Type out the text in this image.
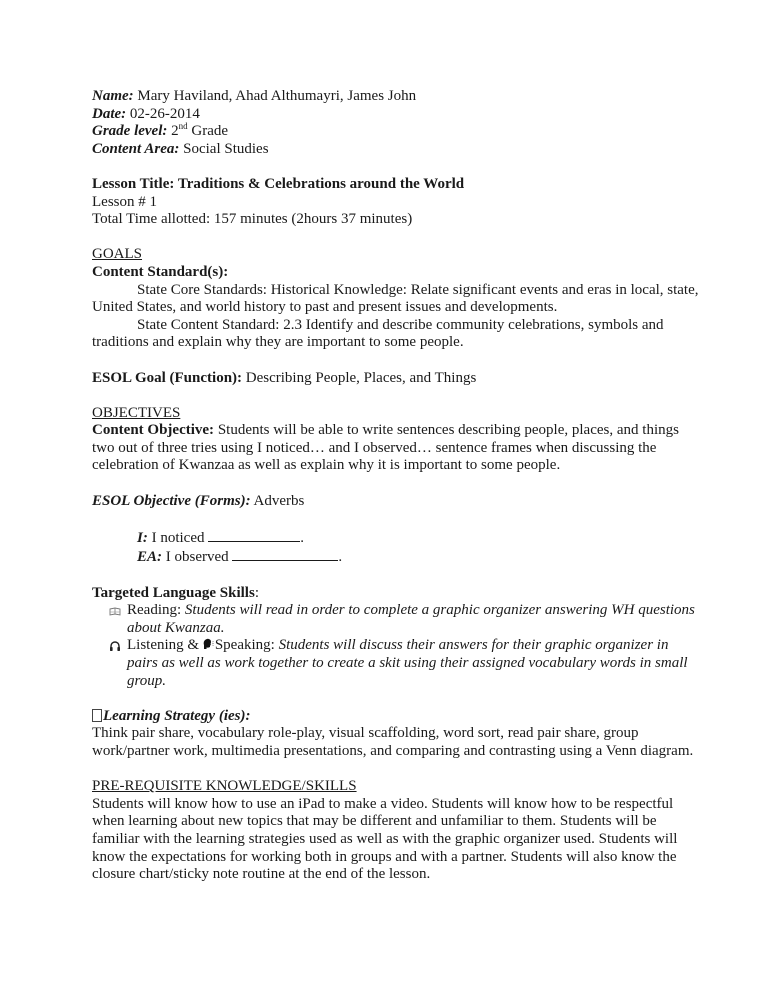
Name: Mary Haviland, Ahad Althumayri, James John

Date: 02-26-2014

Grade level: 2nd Grade

Content Area: Social Studies

Lesson Title: Traditions & Celebrations around the World

Lesson # 1

Total Time allotted: 157 minutes (2hours 37 minutes)

GOALS

Content Standard(s):

State Core Standards: Historical Knowledge: Relate significant events and eras in local, state, United States, and world history to past and present issues and developments.

State Content Standard: 2.3 Identify and describe community celebrations, symbols and traditions and explain why they are important to some people.

ESOL Goal (Function): Describing People, Places, and Things

OBJECTIVES

Content Objective: Students will be able to write sentences describing people, places, and things two out of three tries using I noticed… and I observed… sentence frames when discussing the celebration of Kwanzaa as well as explain why it is important to some people.

ESOL Objective (Forms): Adverbs

I: I noticed	.

EA: I observed	.

Targeted Language Skills:

Reading: Students will read in order to complete a graphic organizer answering WH questions about Kwanzaa.
Listening & Speaking: Students will discuss their answers for their graphic organizer in pairs as well as work together to create a skit using their assigned vocabulary words in small group.

Learning Strategy (ies):

Think pair share, vocabulary role-play, visual scaffolding, word sort, read pair share, group work/partner work, multimedia presentations, and comparing and contrasting using a Venn diagram.

PRE-REQUISITE KNOWLEDGE/SKILLS

Students will know how to use an iPad to make a video. Students will know how to be respectful when learning about new topics that may be different and unfamiliar to them. Students will be familiar with the learning strategies used as well as with the graphic organizer used. Students will know the expectations for working both in groups and with a partner. Students will also know the closure chart/sticky note routine at the end of the lesson.
